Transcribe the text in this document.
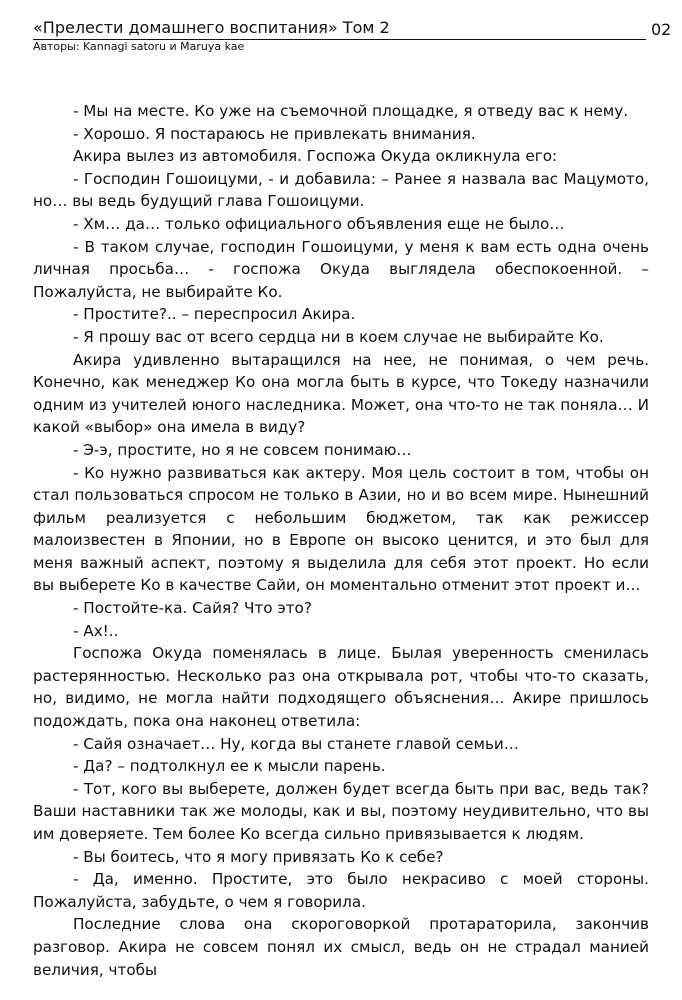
«Прелести домашнего воспитания» Том 2
Авторы: Kannagi satoru и Maruya kae
02

- Мы на месте. Ко уже на съемочной площадке, я отведу вас к нему.

- Хорошо. Я постараюсь не привлекать внимания.

Акира вылез из автомобиля. Госпожа Окуда окликнула его:

- Господин Гошоицуми, - и добавила: – Ранее я назвала вас Мацумото, но… вы ведь будущий глава Гошоицуми.

- Хм… да… только официального объявления еще не было…

- В таком случае, господин Гошоицуми, у меня к вам есть одна очень личная просьба… - госпожа Окуда выглядела обеспокоенной. – Пожалуйста, не выбирайте Ко.

- Простите?.. – переспросил Акира.

- Я прошу вас от всего сердца ни в коем случае не выбирайте Ко.

Акира удивленно вытаращился на нее, не понимая, о чем речь. Конечно, как менеджер Ко она могла быть в курсе, что Токеду назначили одним из учителей юного наследника. Может, она что-то не так поняла… И какой «выбор» она имела в виду?

- Э-э, простите, но я не совсем понимаю…

- Ко нужно развиваться как актеру. Моя цель состоит в том, чтобы он стал пользоваться спросом не только в Азии, но и во всем мире. Нынешний фильм реализуется с небольшим бюджетом, так как режиссер малоизвестен в Японии, но в Европе он высоко ценится, и это был для меня важный аспект, поэтому я выделила для себя этот проект. Но если вы выберете Ко в качестве Сайи, он моментально отменит этот проект и…

- Постойте-ка. Сайя? Что это?

- Ах!..

Госпожа Окуда поменялась в лице. Былая уверенность сменилась растерянностью. Несколько раз она открывала рот, чтобы что-то сказать, но, видимо, не могла найти подходящего объяснения… Акире пришлось подождать, пока она наконец ответила:

- Сайя означает… Ну, когда вы станете главой семьи…

- Да? – подтолкнул ее к мысли парень.

- Тот, кого вы выберете, должен будет всегда быть при вас, ведь так? Ваши наставники так же молоды, как и вы, поэтому неудивительно, что вы им доверяете. Тем более Ко всегда сильно привязывается к людям.

- Вы боитесь, что я могу привязать Ко к себе?

- Да, именно. Простите, это было некрасиво с моей стороны. Пожалуйста, забудьте, о чем я говорила.

Последние слова она скороговоркой протараторила, закончив разговор. Акира не совсем понял их смысл, ведь он не страдал манией величия, чтобы
